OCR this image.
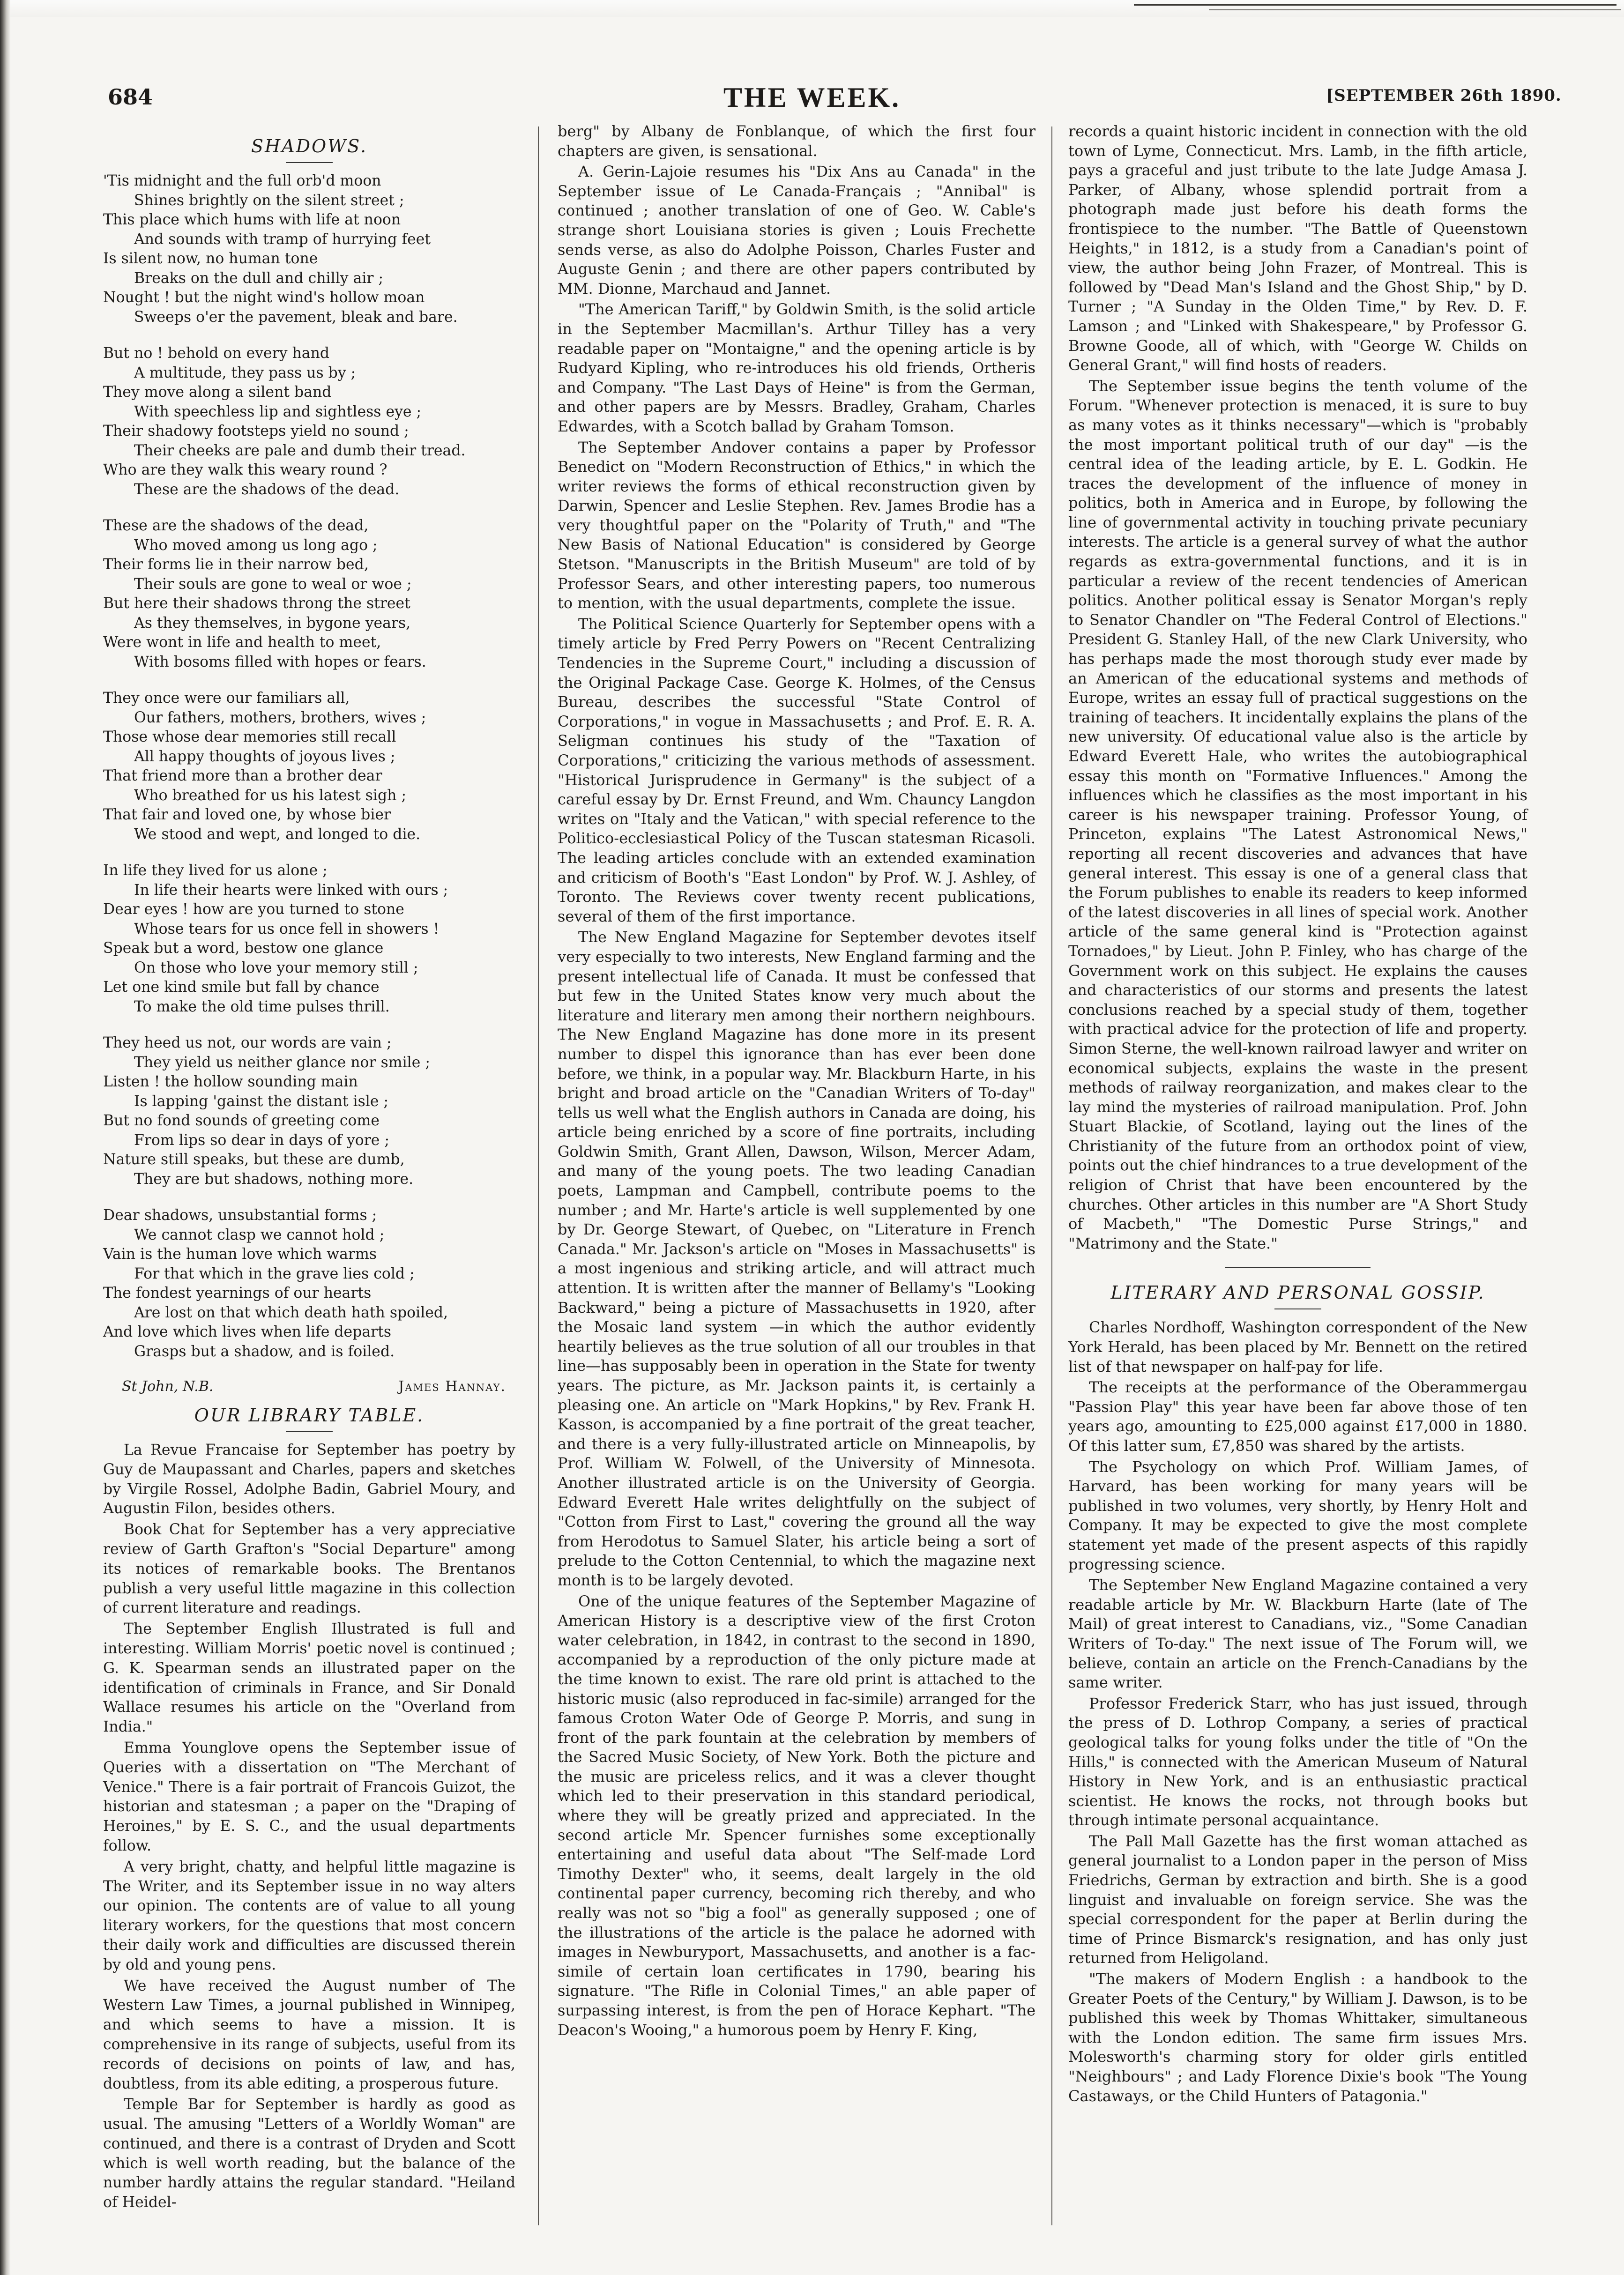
684	THE WEEK.	[SEPTEMBER 26th 1890.
SHADOWS.
'Tis midnight and the full orb'd moon
Shines brightly on the silent street ;
This place which hums with life at noon
And sounds with tramp of hurrying feet
Is silent now, no human tone
Breaks on the dull and chilly air ;
Nought ! but the night wind's hollow moan
Sweeps o'er the pavement, bleak and bare.
But no ! behold on every hand
A multitude, they pass us by ;
They move along a silent band
With speechless lip and sightless eye ;
Their shadowy footsteps yield no sound ;
Their cheeks are pale and dumb their tread.
Who are they walk this weary round ?
These are the shadows of the dead.
These are the shadows of the dead,
Who moved among us long ago ;
Their forms lie in their narrow bed,
Their souls are gone to weal or woe ;
But here their shadows throng the street
As they themselves, in bygone years,
Were wont in life and health to meet,
With bosoms filled with hopes or fears.
They once were our familiars all,
Our fathers, mothers, brothers, wives ;
Those whose dear memories still recall
All happy thoughts of joyous lives ;
That friend more than a brother dear
Who breathed for us his latest sigh ;
That fair and loved one, by whose bier
We stood and wept, and longed to die.
In life they lived for us alone ;
In life their hearts were linked with ours ;
Dear eyes ! how are you turned to stone
Whose tears for us once fell in showers !
Speak but a word, bestow one glance
On those who love your memory still ;
Let one kind smile but fall by chance
To make the old time pulses thrill.
They heed us not, our words are vain ;
They yield us neither glance nor smile ;
Listen ! the hollow sounding main
Is lapping 'gainst the distant isle ;
But no fond sounds of greeting come
From lips so dear in days of yore ;
Nature still speaks, but these are dumb,
They are but shadows, nothing more.
Dear shadows, unsubstantial forms ;
We cannot clasp we cannot hold ;
Vain is the human love which warms
For that which in the grave lies cold ;
The fondest yearnings of our hearts
Are lost on that which death hath spoiled,
And love which lives when life departs
Grasps but a shadow, and is foiled.
St John, N.B.	James Hannay.
OUR LIBRARY TABLE.

La Revue Francaise for September has poetry by Guy de Maupassant and Charles, papers and sketches by Virgile Rossel, Adolphe Badin, Gabriel Moury, and Augustin Filon, besides others.

Book Chat for September has a very appreciative review of Garth Grafton's "Social Departure" among its notices of remarkable books. The Brentanos publish a very useful little magazine in this collection of current literature and readings.

The September English Illustrated is full and interesting. William Morris' poetic novel is continued ; G. K. Spearman sends an illustrated paper on the identification of criminals in France, and Sir Donald Wallace resumes his article on the "Overland from India."

Emma Younglove opens the September issue of Queries with a dissertation on "The Merchant of Venice." There is a fair portrait of Francois Guizot, the historian and statesman ; a paper on the "Draping of Heroines," by E. S. C., and the usual departments follow.

A very bright, chatty, and helpful little magazine is The Writer, and its September issue in no way alters our opinion. The contents are of value to all young literary workers, for the questions that most concern their daily work and difficulties are discussed therein by old and young pens.

We have received the August number of The Western Law Times, a journal published in Winnipeg, and which seems to have a mission. It is comprehensive in its range of subjects, useful from its records of decisions on points of law, and has, doubtless, from its able editing, a prosperous future.

Temple Bar for September is hardly as good as usual. The amusing "Letters of a Worldly Woman" are continued, and there is a contrast of Dryden and Scott which is well worth reading, but the balance of the number hardly attains the regular standard. "Heiland of Heidel-

berg" by Albany de Fonblanque, of which the first four chapters are given, is sensational.

A. Gerin-Lajoie resumes his "Dix Ans au Canada" in the September issue of Le Canada-Français ; "Annibal" is continued ; another translation of one of Geo. W. Cable's strange short Louisiana stories is given ; Louis Frechette sends verse, as also do Adolphe Poisson, Charles Fuster and Auguste Genin ; and there are other papers contributed by MM. Dionne, Marchaud and Jannet.

"The American Tariff," by Goldwin Smith, is the solid article in the September Macmillan's. Arthur Tilley has a very readable paper on "Montaigne," and the opening article is by Rudyard Kipling, who re-introduces his old friends, Ortheris and Company. "The Last Days of Heine" is from the German, and other papers are by Messrs. Bradley, Graham, Charles Edwardes, with a Scotch ballad by Graham Tomson.

The September Andover contains a paper by Professor Benedict on "Modern Reconstruction of Ethics," in which the writer reviews the forms of ethical reconstruction given by Darwin, Spencer and Leslie Stephen. Rev. James Brodie has a very thoughtful paper on the "Polarity of Truth," and "The New Basis of National Education" is considered by George Stetson. "Manuscripts in the British Museum" are told of by Professor Sears, and other interesting papers, too numerous to mention, with the usual departments, complete the issue.

The Political Science Quarterly for September opens with a timely article by Fred Perry Powers on "Recent Centralizing Tendencies in the Supreme Court," including a discussion of the Original Package Case. George K. Holmes, of the Census Bureau, describes the successful "State Control of Corporations," in vogue in Massachusetts ; and Prof. E. R. A. Seligman continues his study of the "Taxation of Corporations," criticizing the various methods of assessment. "Historical Jurisprudence in Germany" is the subject of a careful essay by Dr. Ernst Freund, and Wm. Chauncy Langdon writes on "Italy and the Vatican," with special reference to the Politico-ecclesiastical Policy of the Tuscan statesman Ricasoli. The leading articles conclude with an extended examination and criticism of Booth's "East London" by Prof. W. J. Ashley, of Toronto. The Reviews cover twenty recent publications, several of them of the first importance.

The New England Magazine for September devotes itself very especially to two interests, New England farming and the present intellectual life of Canada. It must be confessed that but few in the United States know very much about the literature and literary men among their northern neighbours. The New England Magazine has done more in its present number to dispel this ignorance than has ever been done before, we think, in a popular way. Mr. Blackburn Harte, in his bright and broad article on the "Canadian Writers of To-day" tells us well what the English authors in Canada are doing, his article being enriched by a score of fine portraits, including Goldwin Smith, Grant Allen, Dawson, Wilson, Mercer Adam, and many of the young poets. The two leading Canadian poets, Lampman and Campbell, contribute poems to the number ; and Mr. Harte's article is well supplemented by one by Dr. George Stewart, of Quebec, on "Literature in French Canada." Mr. Jackson's article on "Moses in Massachusetts" is a most ingenious and striking article, and will attract much attention. It is written after the manner of Bellamy's "Looking Backward," being a picture of Massachusetts in 1920, after the Mosaic land system —in which the author evidently heartily believes as the true solution of all our troubles in that line—has supposably been in operation in the State for twenty years. The picture, as Mr. Jackson paints it, is certainly a pleasing one. An article on "Mark Hopkins," by Rev. Frank H. Kasson, is accompanied by a fine portrait of the great teacher, and there is a very fully-illustrated article on Minneapolis, by Prof. William W. Folwell, of the University of Minnesota. Another illustrated article is on the University of Georgia. Edward Everett Hale writes delightfully on the subject of "Cotton from First to Last," covering the ground all the way from Herodotus to Samuel Slater, his article being a sort of prelude to the Cotton Centennial, to which the magazine next month is to be largely devoted.

One of the unique features of the September Magazine of American History is a descriptive view of the first Croton water celebration, in 1842, in contrast to the second in 1890, accompanied by a reproduction of the only picture made at the time known to exist. The rare old print is attached to the historic music (also reproduced in fac-simile) arranged for the famous Croton Water Ode of George P. Morris, and sung in front of the park fountain at the celebration by members of the Sacred Music Society, of New York. Both the picture and the music are priceless relics, and it was a clever thought which led to their preservation in this standard periodical, where they will be greatly prized and appreciated. In the second article Mr. Spencer furnishes some exceptionally entertaining and useful data about "The Self-made Lord Timothy Dexter" who, it seems, dealt largely in the old continental paper currency, becoming rich thereby, and who really was not so "big a fool" as generally supposed ; one of the illustrations of the article is the palace he adorned with images in Newburyport, Massachusetts, and another is a fac-simile of certain loan certificates in 1790, bearing his signature. "The Rifle in Colonial Times," an able paper of surpassing interest, is from the pen of Horace Kephart. "The Deacon's Wooing," a humorous poem by Henry F. King,

records a quaint historic incident in connection with the old town of Lyme, Connecticut. Mrs. Lamb, in the fifth article, pays a graceful and just tribute to the late Judge Amasa J. Parker, of Albany, whose splendid portrait from a photograph made just before his death forms the frontispiece to the number. "The Battle of Queenstown Heights," in 1812, is a study from a Canadian's point of view, the author being John Frazer, of Montreal. This is followed by "Dead Man's Island and the Ghost Ship," by D. Turner ; "A Sunday in the Olden Time," by Rev. D. F. Lamson ; and "Linked with Shakespeare," by Professor G. Browne Goode, all of which, with "George W. Childs on General Grant," will find hosts of readers.

The September issue begins the tenth volume of the Forum. "Whenever protection is menaced, it is sure to buy as many votes as it thinks necessary"—which is "probably the most important political truth of our day" —is the central idea of the leading article, by E. L. Godkin. He traces the development of the influence of money in politics, both in America and in Europe, by following the line of governmental activity in touching private pecuniary interests. The article is a general survey of what the author regards as extra-governmental functions, and it is in particular a review of the recent tendencies of American politics. Another political essay is Senator Morgan's reply to Senator Chandler on "The Federal Control of Elections." President G. Stanley Hall, of the new Clark University, who has perhaps made the most thorough study ever made by an American of the educational systems and methods of Europe, writes an essay full of practical suggestions on the training of teachers. It incidentally explains the plans of the new university. Of educational value also is the article by Edward Everett Hale, who writes the autobiographical essay this month on "Formative Influences." Among the influences which he classifies as the most important in his career is his newspaper training. Professor Young, of Princeton, explains "The Latest Astronomical News," reporting all recent discoveries and advances that have general interest. This essay is one of a general class that the Forum publishes to enable its readers to keep informed of the latest discoveries in all lines of special work. Another article of the same general kind is "Protection against Tornadoes," by Lieut. John P. Finley, who has charge of the Government work on this subject. He explains the causes and characteristics of our storms and presents the latest conclusions reached by a special study of them, together with practical advice for the protection of life and property. Simon Sterne, the well-known railroad lawyer and writer on economical subjects, explains the waste in the present methods of railway reorganization, and makes clear to the lay mind the mysteries of railroad manipulation. Prof. John Stuart Blackie, of Scotland, laying out the lines of the Christianity of the future from an orthodox point of view, points out the chief hindrances to a true development of the religion of Christ that have been encountered by the churches. Other articles in this number are "A Short Study of Macbeth," "The Domestic Purse Strings," and "Matrimony and the State."

LITERARY AND PERSONAL GOSSIP.

Charles Nordhoff, Washington correspondent of the New York Herald, has been placed by Mr. Bennett on the retired list of that newspaper on half-pay for life.

The receipts at the performance of the Oberammergau "Passion Play" this year have been far above those of ten years ago, amounting to £25,000 against £17,000 in 1880. Of this latter sum, £7,850 was shared by the artists.

The Psychology on which Prof. William James, of Harvard, has been working for many years will be published in two volumes, very shortly, by Henry Holt and Company. It may be expected to give the most complete statement yet made of the present aspects of this rapidly progressing science.

The September New England Magazine contained a very readable article by Mr. W. Blackburn Harte (late of The Mail) of great interest to Canadians, viz., "Some Canadian Writers of To-day." The next issue of The Forum will, we believe, contain an article on the French-Canadians by the same writer.

Professor Frederick Starr, who has just issued, through the press of D. Lothrop Company, a series of practical geological talks for young folks under the title of "On the Hills," is connected with the American Museum of Natural History in New York, and is an enthusiastic practical scientist. He knows the rocks, not through books but through intimate personal acquaintance.

The Pall Mall Gazette has the first woman attached as general journalist to a London paper in the person of Miss Friedrichs, German by extraction and birth. She is a good linguist and invaluable on foreign service. She was the special correspondent for the paper at Berlin during the time of Prince Bismarck's resignation, and has only just returned from Heligoland.

"The makers of Modern English : a handbook to the Greater Poets of the Century," by William J. Dawson, is to be published this week by Thomas Whittaker, simultaneous with the London edition. The same firm issues Mrs. Molesworth's charming story for older girls entitled "Neighbours" ; and Lady Florence Dixie's book "The Young Castaways, or the Child Hunters of Patagonia."
